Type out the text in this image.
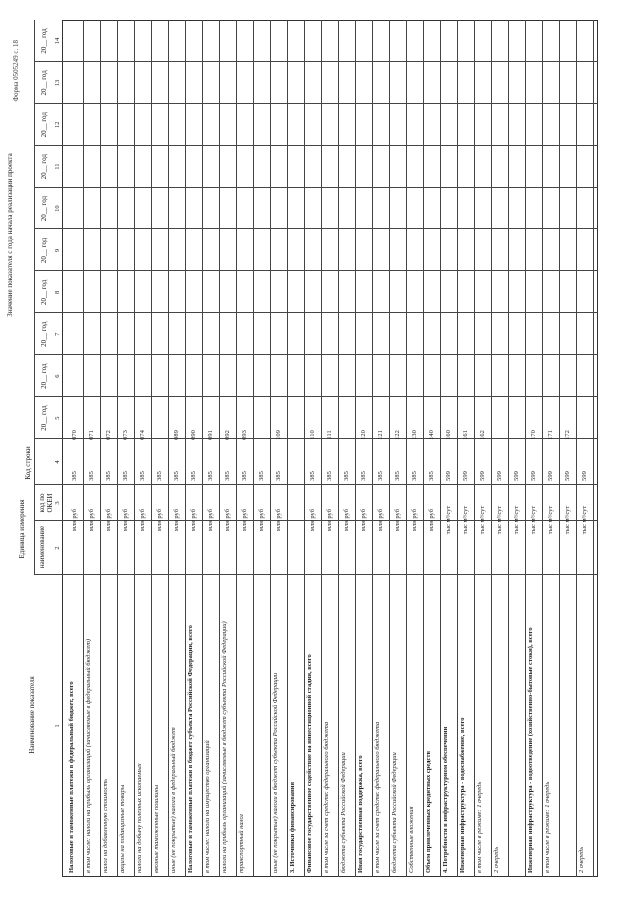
Форма 0505249 с. 18
Наименование показателя
Единица измерения наименование
код по ОКЕИ
Код строки
Значение показателя с года начала реализации проекта
20__ год
20__ год
20__ год
20__ год
20__ год
20__ год
20__ год
20__ год
20__ год
20__ год
1
2
3
4
5
6
7
8
9
10
11
12
13
14
Налоговые и таможенные платежи в федеральный бюджет, всего
млн руб
385
070
в том числе: налоги на прибыль организаций (зачисляемые в федеральный бюджет)
млн руб
385
071
налог на добавленную стоимость
млн руб
385
072
акцизы на подакцизные товары
млн руб
385
073
налоги на добычу полезных ископаемых
млн руб
385
074
ввозные таможенные пошлины
млн руб
385
иные (не покрытые) налоги в федеральный бюджет
млн руб
385
089
Налоговые и таможенные платежи в бюджет субъекта Российской Федерации, всего
млн руб
385
090
в том числе: налоги на имущество организаций
млн руб
385
091
налоги на прибыль организаций (зачисляемые в бюджет субъекта Российской Федерации)
млн руб
385
092
транспортный налог
млн руб
385
093
млн руб
385
иные (не покрытые) налоги в бюджет субъекта Российской Федерации
млн руб
385
109
3. Источники финансирования Финансовое государственное содействие на инвестиционной стадии, всего
млн руб
385
110
в том числе за счет средств: федерального бюджета
млн руб
385
111
бюджета субъекта Российской Федерации
млн руб
385
Иная государственная поддержка, всего
млн руб
385
120
в том числе за счет средств: федерального бюджета
млн руб
385
121
бюджета субъекта Российской Федерации
млн руб
385
122
Собственные вложения
млн руб
385
130
Объем привлеченных кредитных средств
млн руб
385
140
4. Потребности в инфраструктурном обеспечении
тыс м³/сут
599
160
Инженерная инфраструктура - водоснабжение, всего
тыс м³/сут
599
161
в том числе в режиме: 1 очередь
тыс м³/сут
599
162
2 очередь
тыс м³/сут
599
тыс м³/сут
599
Инженерная инфраструктура - водоотведение (хозяйственно-бытовые стоки), всего
тыс м³/сут
599
170
в том числе в режиме: 1 очередь
тыс м³/сут
599
171
тыс м³/сут
599
172
2 очередь
тыс м³/сут
599
